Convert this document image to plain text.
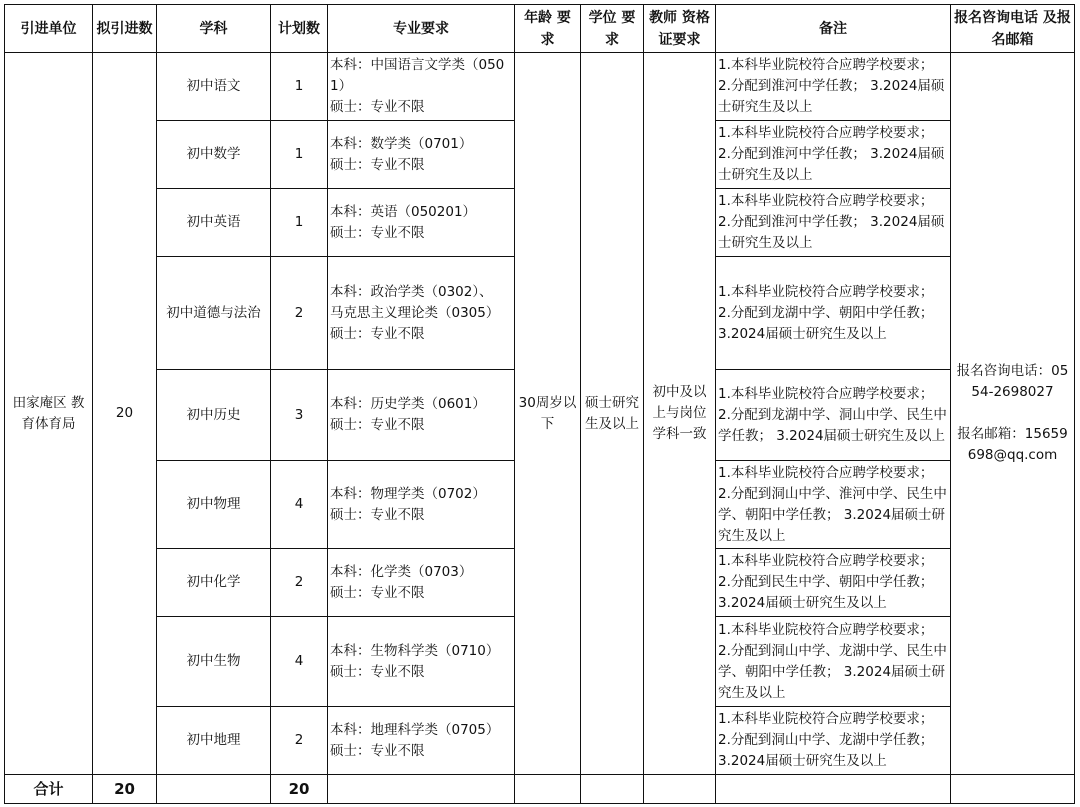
引进单位	拟引进数	学科	计划数	专业要求	年龄 要求	学位 要求	教师 资格证要求	备注	报名咨询电话 及报名邮箱
田家庵区 教育体育局	20	初中语文	1	本科：中国语言文学类（0501）
硕士：专业不限	30周岁以下	硕士研究生及以上	初中及以上与岗位学科一致	1.本科毕业院校符合应聘学校要求； 2.分配到淮河中学任教； 3.2024届硕士研究生及以上	报名咨询电话：0554-2698027
报名邮箱：15659698@qq.com

		初中数学	1	本科：数学类（0701）
硕士：专业不限				1.本科毕业院校符合应聘学校要求； 2.分配到淮河中学任教； 3.2024届硕士研究生及以上	
		初中英语	1	本科：英语（050201）
硕士：专业不限				1.本科毕业院校符合应聘学校要求； 2.分配到淮河中学任教； 3.2024届硕士研究生及以上	
		初中道德与法治	2	本科：政治学类（0302）、
马克思主义理论类（0305）
硕士：专业不限				1.本科毕业院校符合应聘学校要求； 2.分配到龙湖中学、朝阳中学任教； 3.2024届硕士研究生及以上	
		初中历史	3	本科：历史学类（0601）
硕士：专业不限				1.本科毕业院校符合应聘学校要求； 2.分配到龙湖中学、洞山中学、民生中学任教； 3.2024届硕士研究生及以上	
		初中物理	4	本科：物理学类（0702）
硕士：专业不限				1.本科毕业院校符合应聘学校要求； 2.分配到洞山中学、淮河中学、民生中学、朝阳中学任教； 3.2024届硕士研究生及以上	
		初中化学	2	本科：化学类（0703）
硕士：专业不限				1.本科毕业院校符合应聘学校要求； 2.分配到民生中学、朝阳中学任教； 3.2024届硕士研究生及以上	
		初中生物	4	本科：生物科学类（0710）
硕士：专业不限				1.本科毕业院校符合应聘学校要求； 2.分配到洞山中学、龙湖中学、民生中学、朝阳中学任教； 3.2024届硕士研究生及以上	
		初中地理	2	本科：地理科学类（0705）
硕士：专业不限				1.本科毕业院校符合应聘学校要求； 2.分配到洞山中学、龙湖中学任教； 3.2024届硕士研究生及以上	
合计	20		20						
